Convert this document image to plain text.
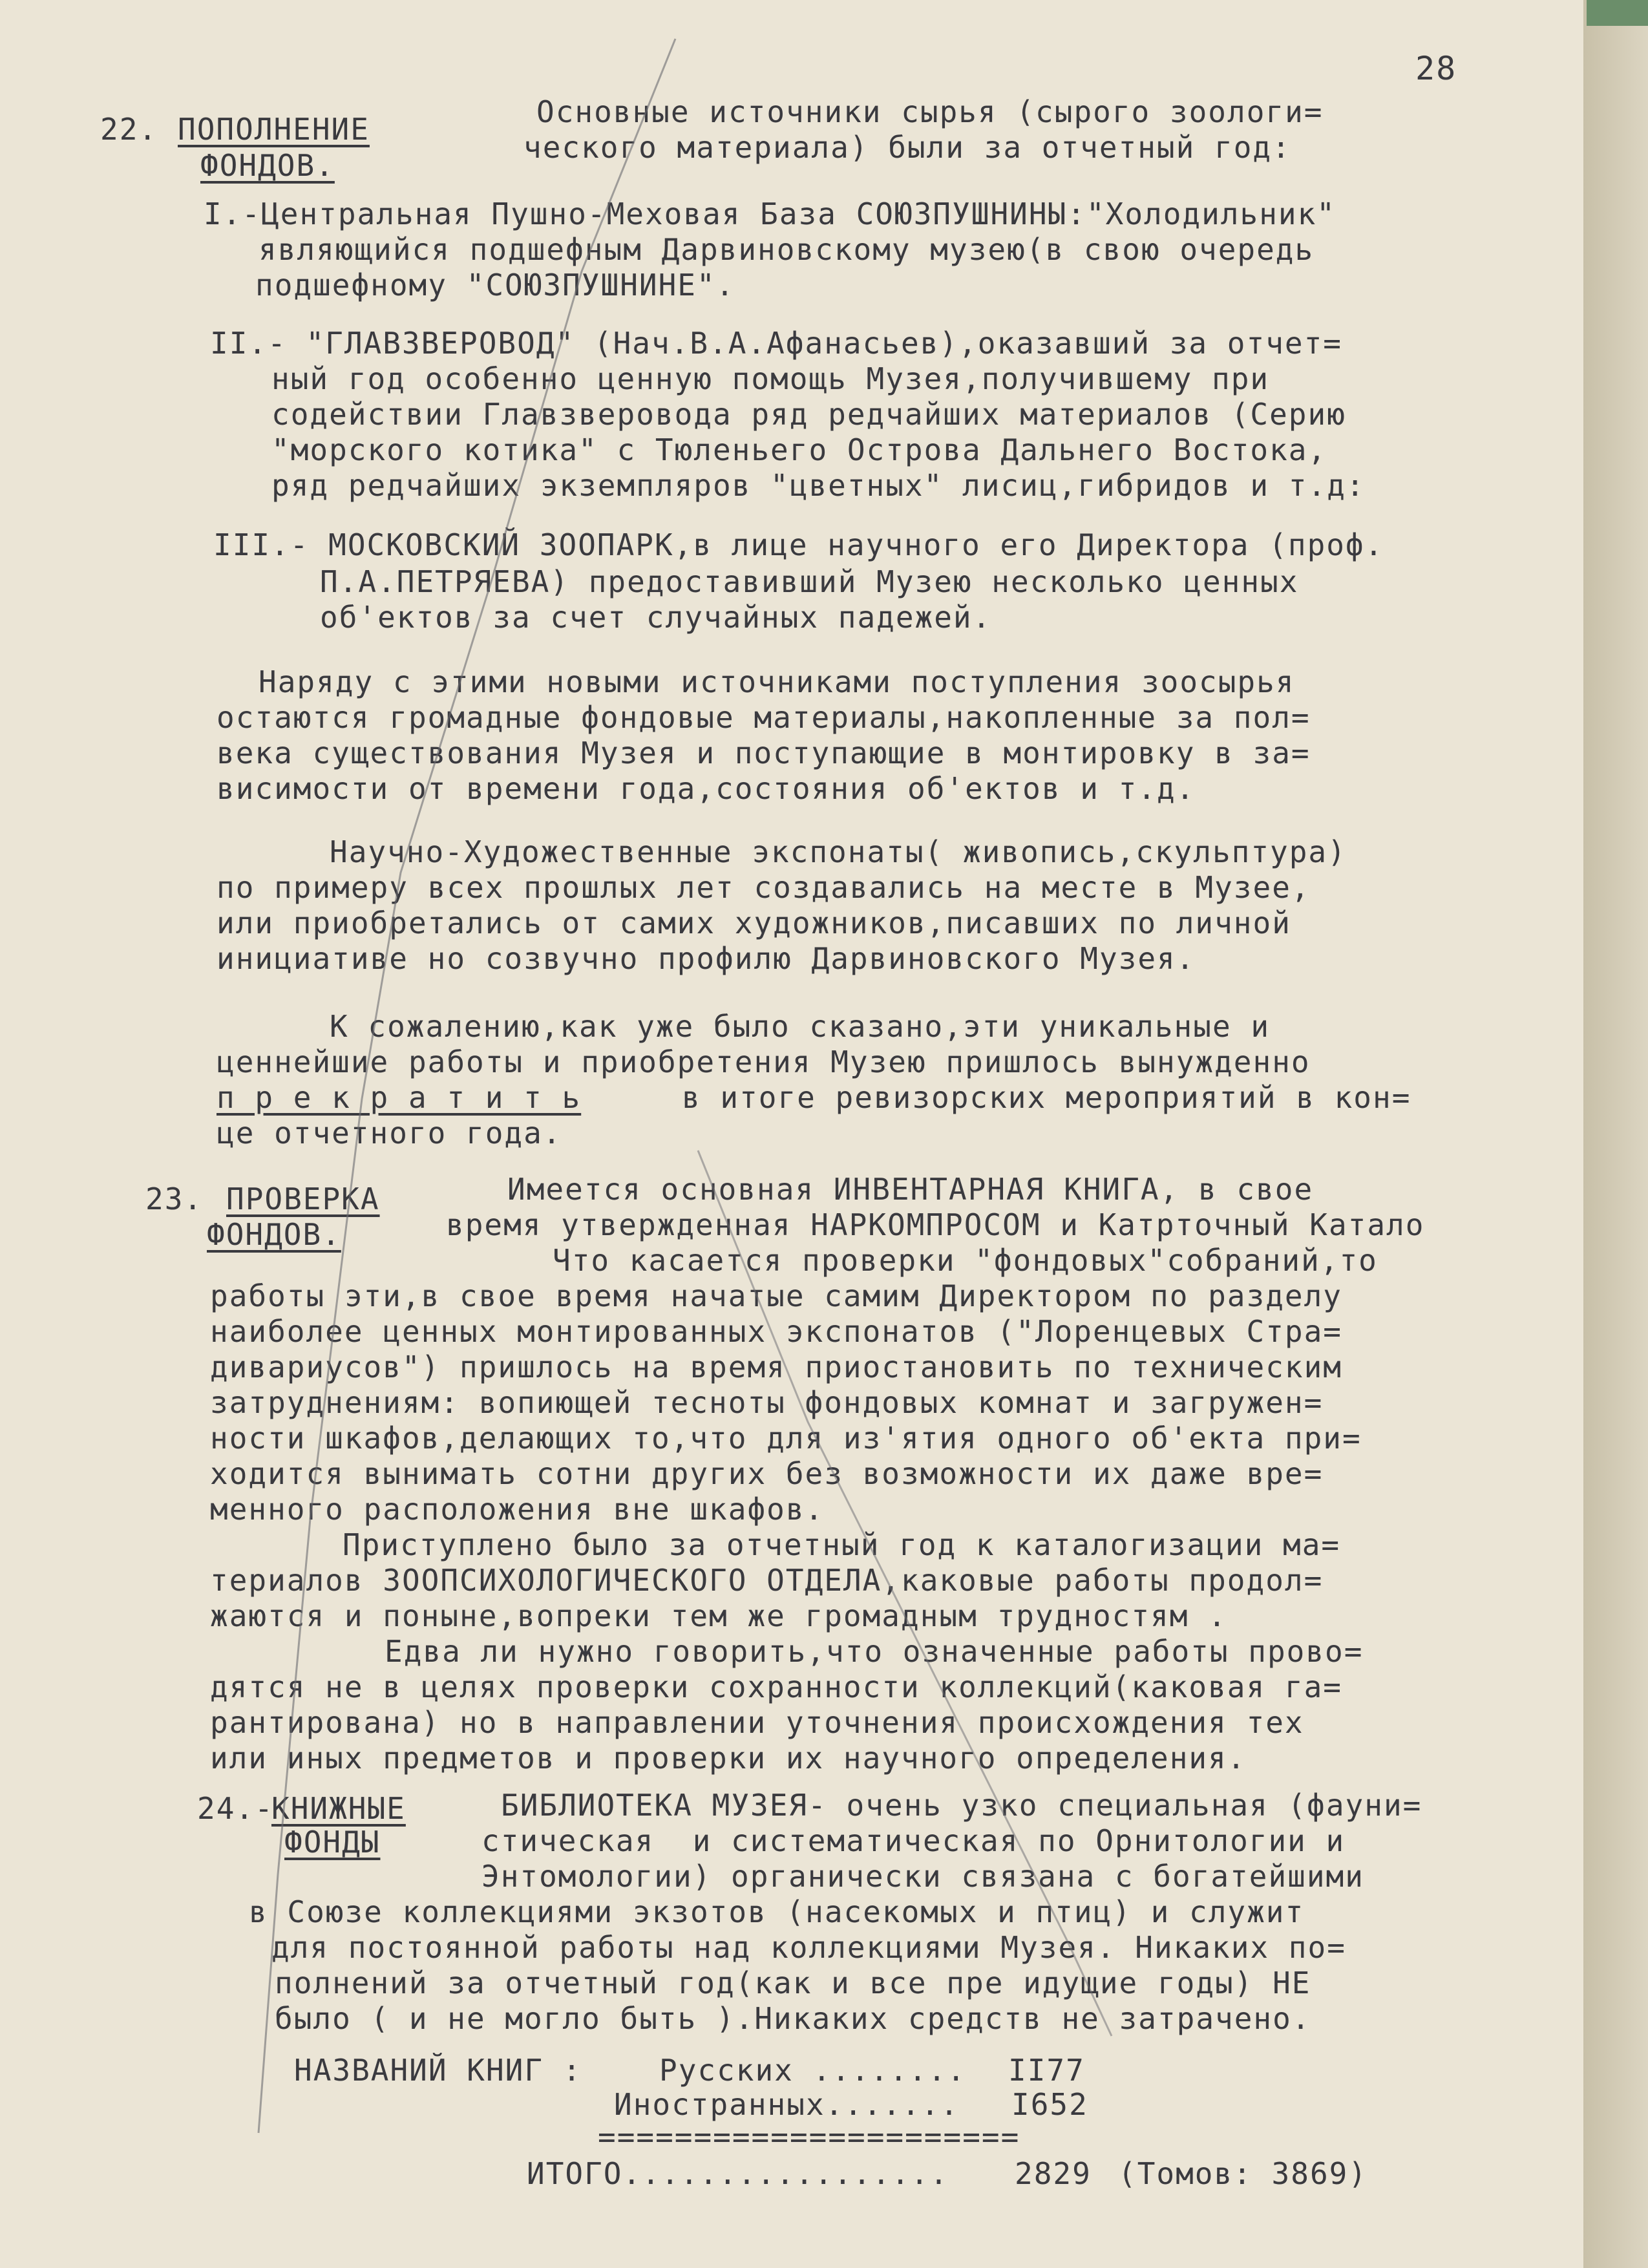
28
22. ПОПОЛНЕНИЕ
ФОНДОВ.
Основные источники сырья (сырого зоологи=
ческого материала) были за отчетный год:
I.-Центральная Пушно-Меховая База СОЮЗПУШНИНЫ:"Холодильник"
являющийся подшефным Дарвиновскому музею(в свою очередь
подшефному "СОЮЗПУШНИНЕ".
II.- "ГЛАВЗВЕРОВОД" (Нач.В.А.Афанасьев),оказавший за отчет=
ный год особенно ценную помощь Музея,получившему при
содействии Главзверовода ряд редчайших материалов (Серию
"морского котика" с Тюленьего Острова Дальнего Востока,
ряд редчайших экземпляров "цветных" лисиц,гибридов и т.д:
III.- МОСКОВСКИЙ ЗООПАРК,в лице научного его Директора (проф.
П.А.ПЕТРЯЕВА) предоставивший Музею несколько ценных
об'ектов за счет случайных падежей.
Наряду с этими новыми источниками поступления зоосырья
остаются громадные фондовые материалы,накопленные за пол=
века существования Музея и поступающие в монтировку в за=
висимости от времени года,состояния об'ектов и т.д.
Научно-Художественные экспонаты( живопись,скульптура)
по примеру всех прошлых лет создавались на месте в Музее,
или приобретались от самих художников,писавших по личной
инициативе но созвучно профилю Дарвиновского Музея.
К сожалению,как уже было сказано,эти уникальные и
ценнейшие работы и приобретения Музею пришлось вынужденно
п р е к р а т и т ь	в итоге ревизорских мероприятий в кон=
це отчетного года.
23. ПРОВЕРКА
ФОНДОВ.
Имеется основная ИНВЕНТАРНАЯ КНИГА, в свое
время утвержденная НАРКОМПРОСОМ и Катрточный Катало
Что касается проверки "фондовых"собраний,то
работы эти,в свое время начатые самим Директором по разделу
наиболее ценных монтированных экспонатов ("Лоренцевых Стра=
дивариусов") пришлось на время приостановить по техническим
затруднениям: вопиющей тесноты фондовых комнат и загружен=
ности шкафов,делающих то,что для из'ятия одного об'екта при=
ходится вынимать сотни других без возможности их даже вре=
менного расположения вне шкафов.
Приступлено было за отчетный год к каталогизации ма=
териалов ЗООПСИХОЛОГИЧЕСКОГО ОТДЕЛА,каковые работы продол=
жаются и поныне,вопреки тем же громадным трудностям .
Едва ли нужно говорить,что означенные работы прово=
дятся не в целях проверки сохранности коллекций(каковая га=
рантирована) но в направлении уточнения происхождения тех
или иных предметов и проверки их научного определения.
24.-
КНИЖНЫЕ
ФОНДЫ
БИБЛИОТЕКА МУЗЕЯ- очень узко специальная (фауни=
стическая  и систематическая по Орнитологии и
Энтомологии) органически связана с богатейшими
в Союзе коллекциями экзотов (насекомых и птиц) и служит
для постоянной работы над коллекциями Музея. Никаких по=
полнений за отчетный год(как и все пре идущие годы) НЕ
было ( и не могло быть ).Никаких средств не затрачено.
НАЗВАНИЙ КНИГ :	Русских ........ II77
Иностранных....... I652
======================
ИТОГО................. 2829 (Томов: 3869)
